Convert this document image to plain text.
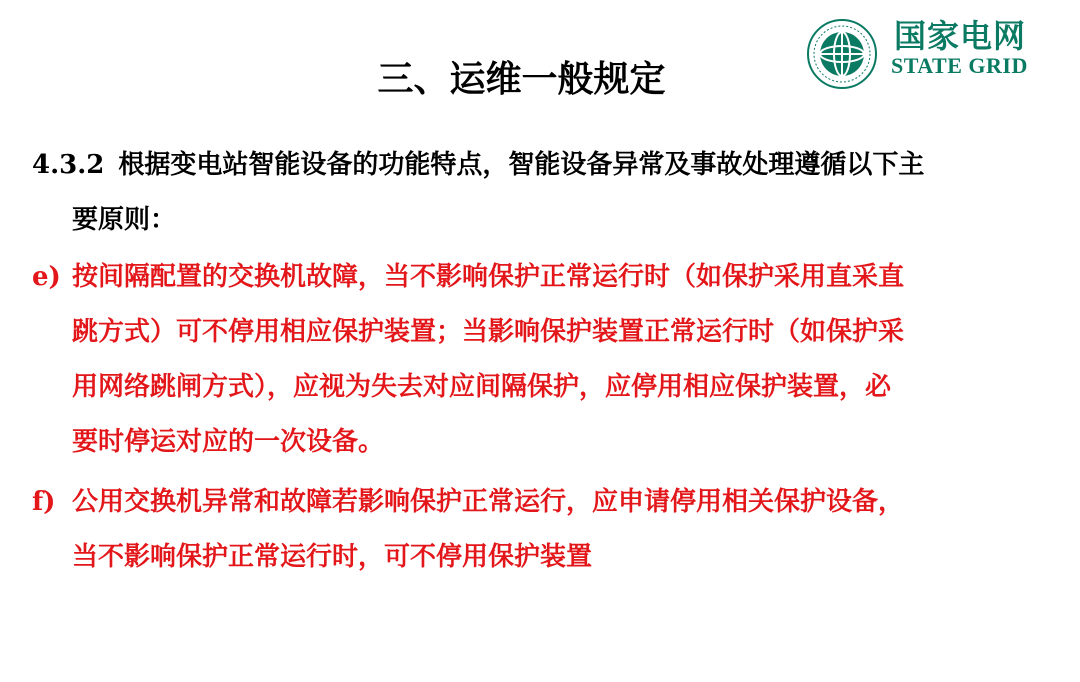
国家电网
STATE GRID
三、运维一般规定
4.3.2 根据变电站智能设备的功能特点，智能设备异常及事故处理遵循以下主
要原则：
e) 按间隔配置的交换机故障，当不影响保护正常运行时（如保护采用直采直
跳方式）可不停用相应保护装置；当影响保护装置正常运行时（如保护采
用网络跳闸方式），应视为失去对应间隔保护，应停用相应保护装置，必
要时停运对应的一次设备。
f) 公用交换机异常和故障若影响保护正常运行，应申请停用相关保护设备，
当不影响保护正常运行时，可不停用保护装置
